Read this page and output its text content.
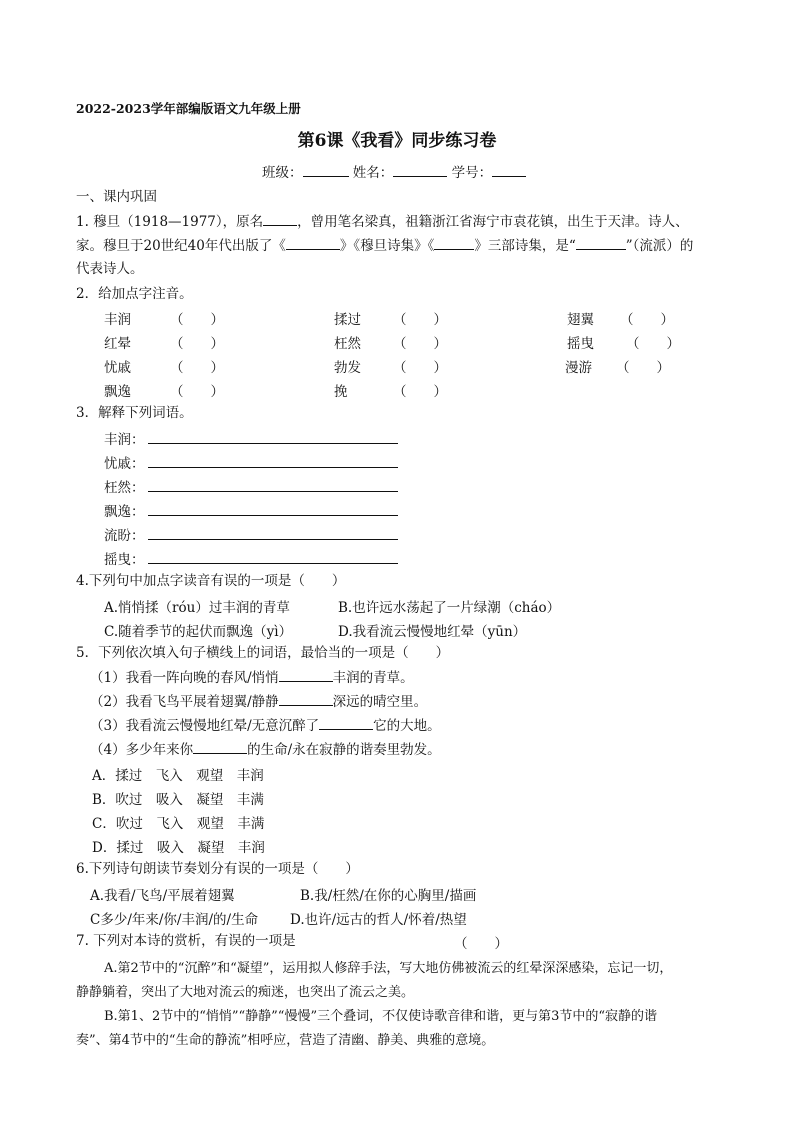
2022-2023学年部编版语文九年级上册
第6课《我看》同步练习卷
班级：	姓名：	学号：
一、课内巩固
1. 穆旦（1918—1977），原名	，曾用笔名梁真，祖籍浙江省海宁市袁花镇，出生于天津。诗人、
家。穆旦于20世纪40年代出版了《	》《穆旦诗集》《	》三部诗集，是“	”（流派）的
代表诗人。
2．给加点字注音。
丰润	（　　）	揉过 （　　）	翅翼 （　　）
红晕	（　　）	枉然 （　　）	摇曳 （　　）
忧戚	（　　）	勃发 （　　）	漫游 （　　）
飘逸	（　　）	挽	（　　）
3．解释下列词语。
丰润：
忧戚：
枉然：
飘逸：
流盼：
摇曳：
4.下列句中加点字读音有误的一项是（　　）
A.悄悄揉（róu）过丰润的青草	B.也许远水荡起了一片绿潮（cháo）
C.随着季节的起伏而飘逸（yì）	D.我看流云慢慢地红晕（yūn）
5．下列依次填入句子横线上的词语，最恰当的一项是（　　）
（1）我看一阵向晚的春风/悄悄	丰润的青草。
（2）我看飞鸟平展着翅翼/静静	深远的晴空里。
（3）我看流云慢慢地红晕/无意沉醉了	它的大地。
（4）多少年来你	的生命/永在寂静的谐奏里勃发。
A．揉过　飞入　观望　丰润
B．吹过　吸入　凝望　丰满
C．吹过　飞入　观望　丰满
D．揉过　吸入　凝望　丰润
6.下列诗句朗读节奏划分有误的一项是（　　）
A.我看/飞鸟/平展着翅翼	B.我/枉然/在你的心胸里/描画
C多少/年来/你/丰润/的/生命 D.也许/远古的哲人/怀着/热望
7. 下列对本诗的赏析，有误的一项是	（　　）
A.第2节中的“沉醉”和“凝望”，运用拟人修辞手法，写大地仿佛被流云的红晕深深感染，忘记一切，
静静躺着，突出了大地对流云的痴迷，也突出了流云之美。
B.第1、2节中的“悄悄”“静静”“慢慢”三个叠词，不仅使诗歌音律和谐，更与第3节中的“寂静的谐
奏”、第4节中的“生命的静流”相呼应，营造了清幽、静美、典雅的意境。
